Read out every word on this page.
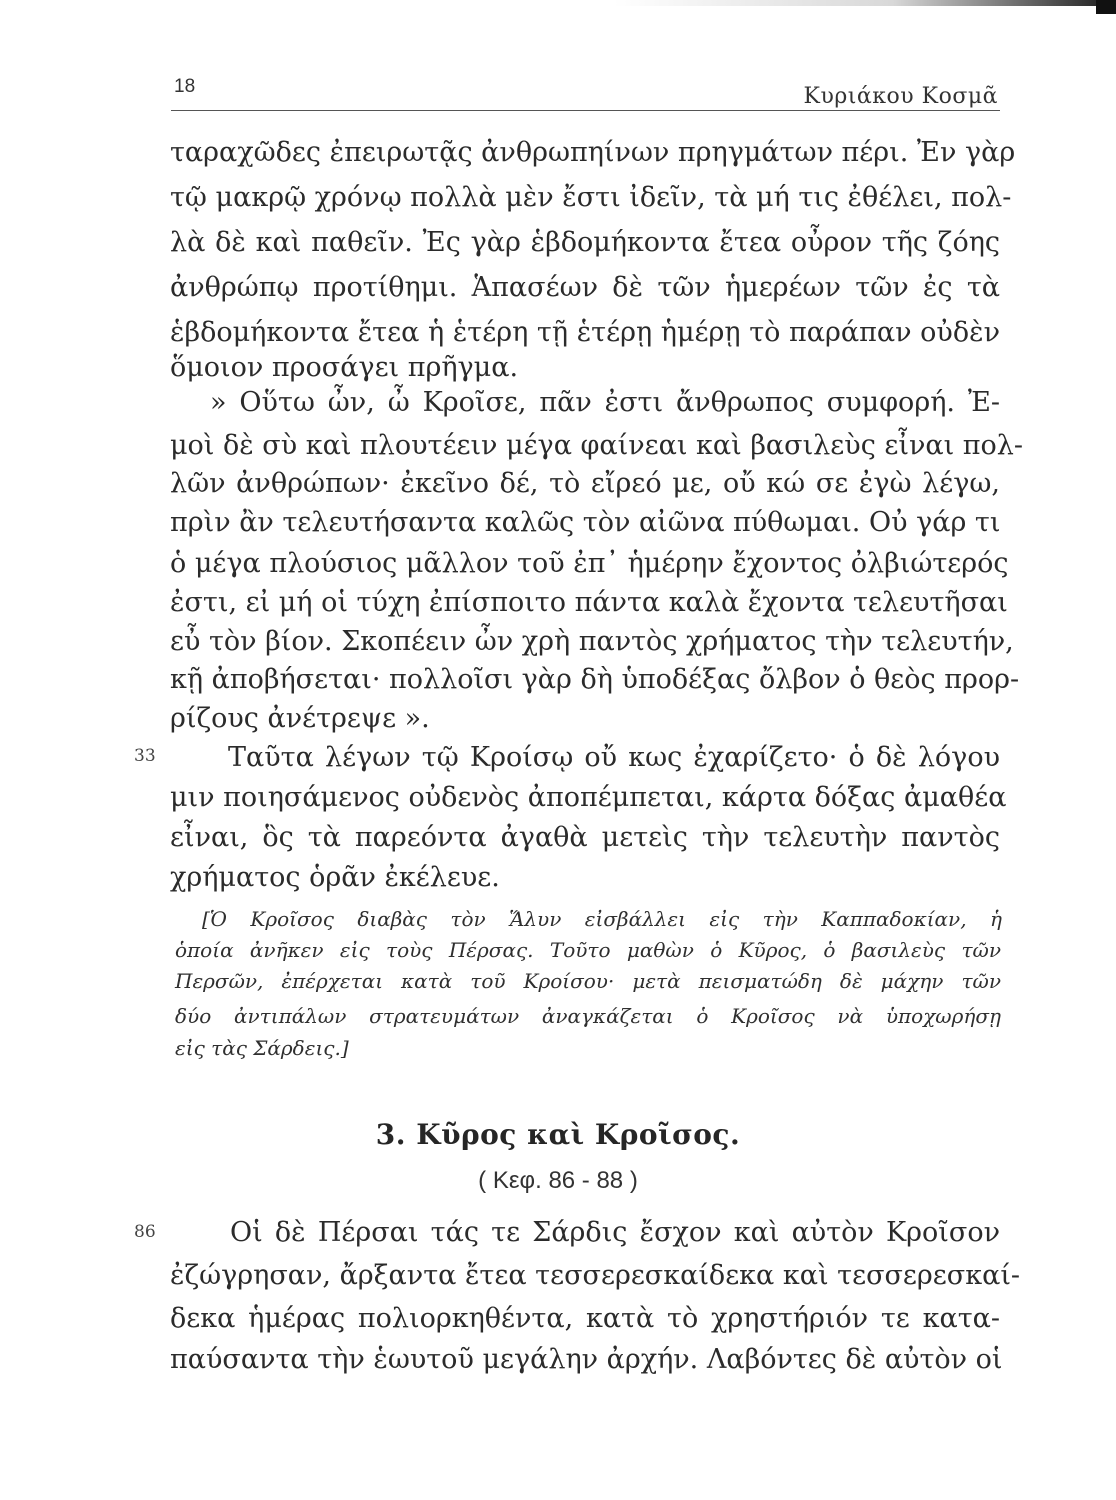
18	Κυριάκου Κοσμᾶ
ταραχῶδες ἐπειρωτᾷς ἀνθρωπηίνων πρηγμάτων πέρι. Ἐν γὰρ
τῷ μακρῷ χρόνῳ πολλὰ μὲν ἔστι ἰδεῖν, τὰ μή τις ἐθέλει, πολ-
λὰ δὲ καὶ παθεῖν. Ἐς γὰρ ἑβδομήκοντα ἔτεα οὖρον τῆς ζόης
ἀνθρώπῳ προτίθημι. Ἁπασέων δὲ τῶν ἡμερέων τῶν ἐς τὰ
ἑβδομήκοντα ἔτεα ἡ ἑτέρη τῇ ἑτέρῃ ἡμέρῃ τὸ παράπαν οὐδὲν
ὅμοιον προσάγει πρῆγμα.
» Οὕτω ὦν, ὦ Κροῖσε, πᾶν ἐστι ἄνθρωπος συμφορή. Ἐ-
μοὶ δὲ σὺ καὶ πλουτέειν μέγα φαίνεαι καὶ βασιλεὺς εἶναι πολ-
λῶν ἀνθρώπων· ἐκεῖνο δέ, τὸ εἴρεό με, οὔ κώ σε ἐγὼ λέγω,
πρὶν ἂν τελευτήσαντα καλῶς τὸν αἰῶνα πύθωμαι. Οὐ γάρ τι
ὁ μέγα πλούσιος μᾶλλον τοῦ ἐπ᾽ ἡμέρην ἔχοντος ὀλβιώτερός
ἐστι, εἰ μή οἱ τύχη ἐπίσποιτο πάντα καλὰ ἔχοντα τελευτῆσαι
εὖ τὸν βίον. Σκοπέειν ὦν χρὴ παντὸς χρήματος τὴν τελευτήν,
κῇ ἀποβήσεται· πολλοῖσι γὰρ δὴ ὑποδέξας ὄλβον ὁ θεὸς προρ-
ρίζους ἀνέτρεψε ».
33	Ταῦτα λέγων τῷ Κροίσῳ οὔ κως ἐχαρίζετο· ὁ δὲ λόγου
μιν ποιησάμενος οὐδενὸς ἀποπέμπεται, κάρτα δόξας ἀμαθέα
εἶναι, ὃς τὰ παρεόντα ἀγαθὰ μετεὶς τὴν τελευτὴν παντὸς
χρήματος ὁρᾶν ἐκέλευε.
[Ὁ Κροῖσος διαβὰς τὸν Ἅλυν εἰσβάλλει εἰς τὴν Καππαδοκίαν, ἡ
ὁποία ἀνῆκεν εἰς τοὺς Πέρσας. Τοῦτο μαθὼν ὁ Κῦρος, ὁ βασιλεὺς τῶν
Περσῶν, ἐπέρχεται κατὰ τοῦ Κροίσου· μετὰ πεισματώδη δὲ μάχην τῶν
δύο ἀντιπάλων στρατευμάτων ἀναγκάζεται ὁ Κροῖσος νὰ ὑποχωρήσῃ
εἰς τὰς Σάρδεις.]
3. Κῦρος καὶ Κροῖσος.
( Κεφ. 86 - 88 )
86	Οἱ δὲ Πέρσαι τάς τε Σάρδις ἔσχον καὶ αὐτὸν Κροῖσον
ἐζώγρησαν, ἄρξαντα ἔτεα τεσσερεσκαίδεκα καὶ τεσσερεσκαί-
δεκα ἡμέρας πολιορκηθέντα, κατὰ τὸ χρηστήριόν τε κατα-
παύσαντα τὴν ἑωυτοῦ μεγάλην ἀρχήν. Λαβόντες δὲ αὐτὸν οἱ
